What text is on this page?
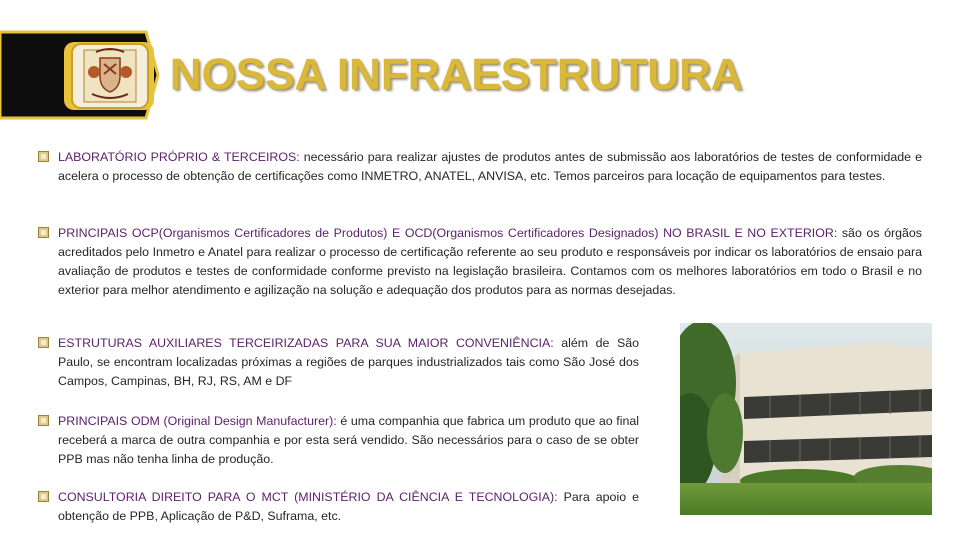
NOSSA INFRAESTRUTURA
LABORATÓRIO PRÓPRIO & TERCEIROS: necessário para realizar ajustes de produtos antes de submissão aos laboratórios de testes de conformidade e acelera o processo de obtenção de certificações como INMETRO, ANATEL, ANVISA, etc. Temos parceiros para locação de equipamentos para testes.
PRINCIPAIS OCP(Organismos Certificadores de Produtos) E OCD(Organismos Certificadores Designados) NO BRASIL E NO EXTERIOR: são os órgãos acreditados pelo Inmetro e Anatel para realizar o processo de certificação referente ao seu produto e responsáveis por indicar os laboratórios de ensaio para avaliação de produtos e testes de conformidade conforme previsto na legislação brasileira. Contamos com os melhores laboratórios em todo o Brasil e no exterior para melhor atendimento e agilização na solução e adequação dos produtos para as normas desejadas.
ESTRUTURAS AUXILIARES TERCEIRIZADAS PARA SUA MAIOR CONVENIÊNCIA: além de São Paulo, se encontram localizadas próximas a regiões de parques industrializados tais como São José dos Campos, Campinas, BH, RJ, RS, AM e DF
PRINCIPAIS ODM (Original Design Manufacturer): é uma companhia que fabrica um produto que ao final receberá a marca de outra companhia e por esta será vendido. São necessários para o caso de se obter PPB mas não tenha linha de produção.
CONSULTORIA DIREITO PARA O MCT (MINISTÉRIO DA CIÊNCIA E TECNOLOGIA): Para apoio e obtenção de PPB, Aplicação de P&D, Suframa, etc.
